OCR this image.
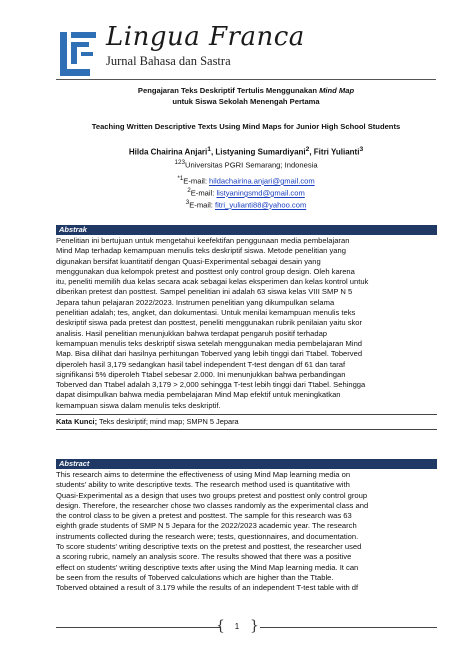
Lingua Franca
Jurnal Bahasa dan Sastra
Pengajaran Teks Deskriptif Tertulis Menggunakan Mind Map
untuk Siswa Sekolah Menengah Pertama
Teaching Written Descriptive Texts Using Mind Maps for Junior High School Students
Hilda Chairina Anjari$^1$, Listyaning Sumardiyani$^2$, Fitri Yulianti$^3$
$^{123}$Universitas PGRI Semarang; Indonesia
$^{*1}$E-mail: hildachairina.anjari@gmail.com
$^2$E-mail: listyaningsmd@gmail.com
$^3$E-mail: fitri_yulianti88@yahoo.com
Abstrak
Penelitian ini bertujuan untuk mengetahui keefektifan penggunaan media pembelajaran
Mind Map terhadap kemampuan menulis teks deskriptif siswa. Metode penelitian yang
digunakan bersifat kuantitatif dengan Quasi-Experimental sebagai desain yang
menggunakan dua kelompok pretest and posttest only control group design. Oleh karena
itu, peneliti memilih dua kelas secara acak sebagai kelas eksperimen dan kelas kontrol untuk
diberikan pretest dan posttest. Sampel penelitian ini adalah 63 siswa kelas VIII SMP N 5
Jepara tahun pelajaran 2022/2023. Instrumen penelitian yang dikumpulkan selama
penelitian adalah; tes, angket, dan dokumentasi. Untuk menilai kemampuan menulis teks
deskriptif siswa pada pretest dan posttest, peneliti menggunakan rubrik penilaian yaitu skor
analisis. Hasil penelitian menunjukkan bahwa terdapat pengaruh positif terhadap
kemampuan menulis teks deskriptif siswa setelah menggunakan media pembelajaran Mind
Map. Bisa dilihat dari hasilnya perhitungan Toberved yang lebih tinggi dari Ttabel. Toberved
diperoleh hasil 3,179 sedangkan hasil tabel independent T-test dengan df 61 dan taraf
signifikansi 5% diperoleh Ttabel sebesar 2.000. Ini menunjukkan bahwa perbandingan
Toberved dan Ttabel adalah 3,179 > 2,000 sehingga T-test lebih tinggi dari Ttabel. Sehingga
dapat disimpulkan bahwa media pembelajaran Mind Map efektif untuk meningkatkan
kemampuan siswa dalam menulis teks deskriptif.
Kata Kunci; Teks deskriptif; mind map; SMPN 5 Jepara
Abstract
This research aims to determine the effectiveness of using Mind Map learning media on
students' ability to write descriptive texts. The research method used is quantitative with
Quasi-Experimental as a design that uses two groups pretest and posttest only control group
design. Therefore, the researcher chose two classes randomly as the experimental class and
the control class to be given a pretest and posttest. The sample for this research was 63
eighth grade students of SMP N 5 Jepara for the 2022/2023 academic year. The research
instruments collected during the research were; tests, questionnaires, and documentation.
To score students' writing descriptive texts on the pretest and posttest, the researcher used
a scoring rubric, namely an analysis score. The results showed that there was a positive
effect on students' writing descriptive texts after using the Mind Map learning media. It can
be seen from the results of Toberved calculations which are higher than the Ttable.
Toberved obtained a result of 3.179 while the results of an independent T-test table with df
{	1 }
